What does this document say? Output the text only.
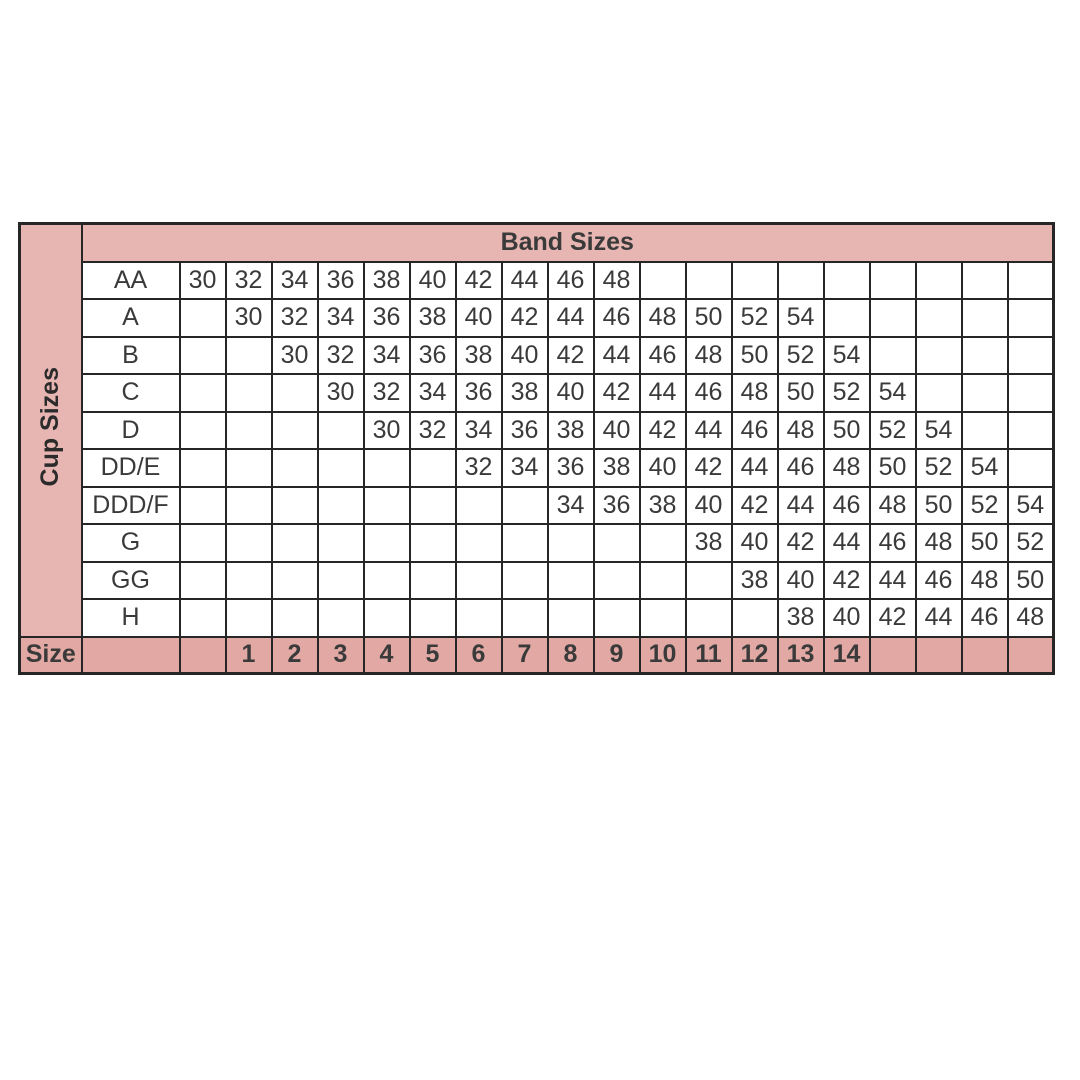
Cup Sizes	Band Sizes																			
	AA	30	32	34	36	38	40	42	44	46	48									
	A		30	32	34	36	38	40	42	44	46	48	50	52	54					
	B			30	32	34	36	38	40	42	44	46	48	50	52	54				
	C				30	32	34	36	38	40	42	44	46	48	50	52	54			
	D					30	32	34	36	38	40	42	44	46	48	50	52	54		
	DD/E							32	34	36	38	40	42	44	46	48	50	52	54	
	DDD/F									34	36	38	40	42	44	46	48	50	52	54
	G												38	40	42	44	46	48	50	52
	GG													38	40	42	44	46	48	50
	H														38	40	42	44	46	48
Size			1	2	3	4	5	6	7	8	9	10	11	12	13	14				
